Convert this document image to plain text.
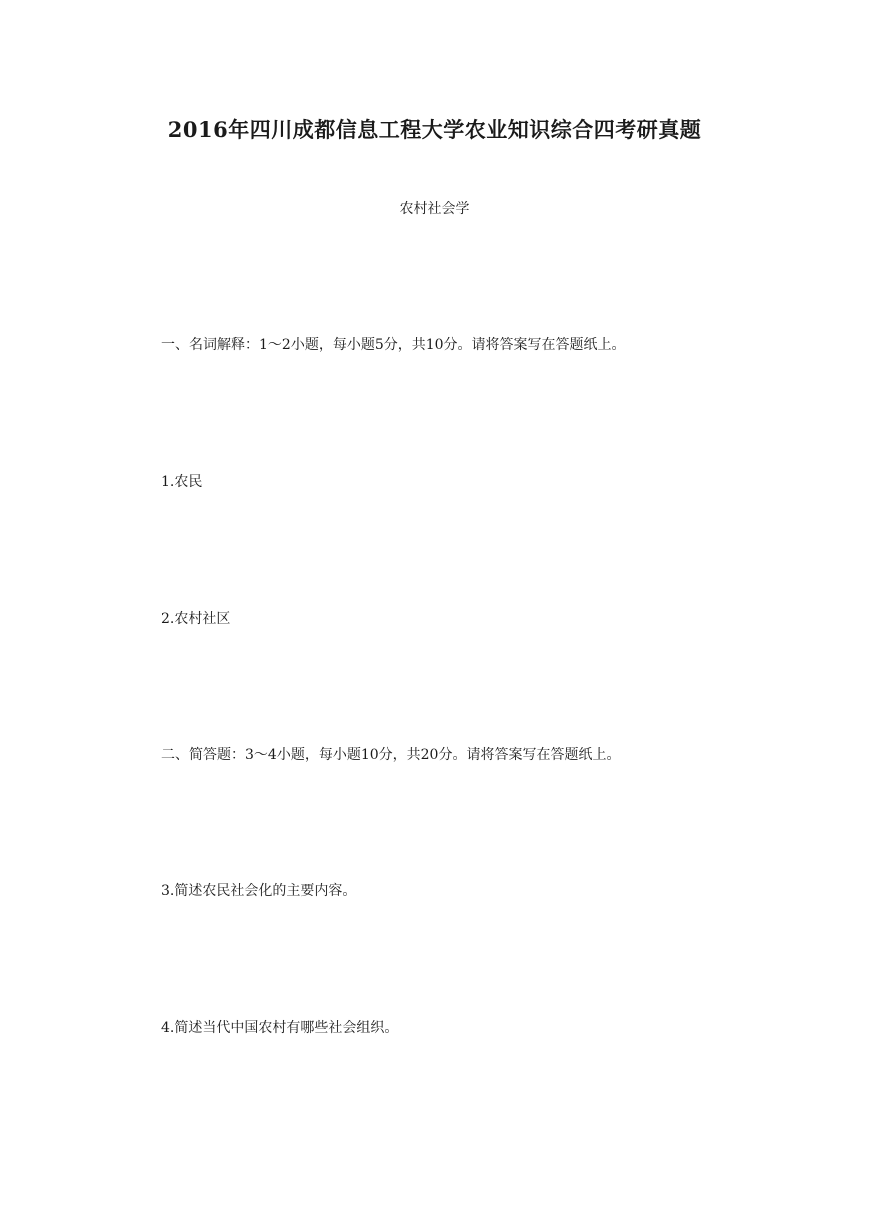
2016年四川成都信息工程大学农业知识综合四考研真题
农村社会学
一、名词解释：1～2小题，每小题5分，共10分。请将答案写在答题纸上。
1.农民
2.农村社区
二、简答题：3～4小题，每小题10分，共20分。请将答案写在答题纸上。
3.简述农民社会化的主要内容。
4.简述当代中国农村有哪些社会组织。
